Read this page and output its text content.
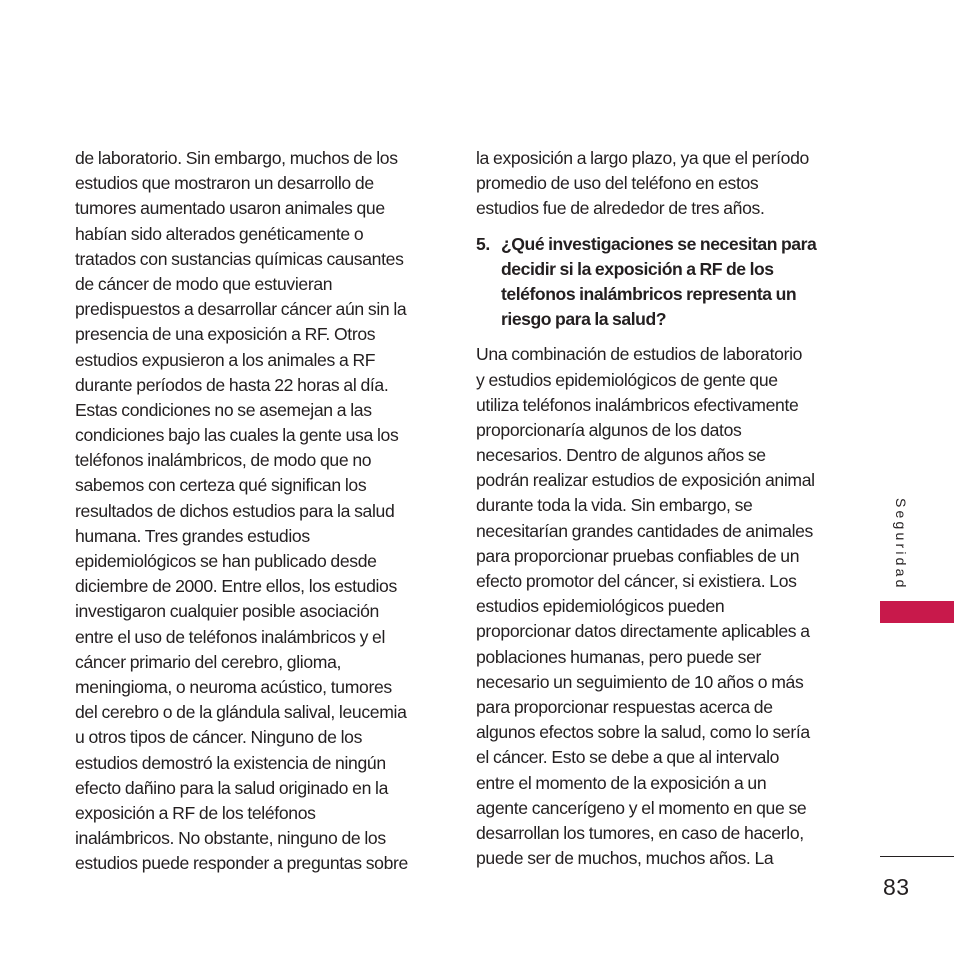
de laboratorio. Sin embargo, muchos de los
estudios que mostraron un desarrollo de
tumores aumentado usaron animales que
habían sido alterados genéticamente o
tratados con sustancias químicas causantes
de cáncer de modo que estuvieran
predispuestos a desarrollar cáncer aún sin la
presencia de una exposición a RF. Otros
estudios expusieron a los animales a RF
durante períodos de hasta 22 horas al día.
Estas condiciones no se asemejan a las
condiciones bajo las cuales la gente usa los
teléfonos inalámbricos, de modo que no
sabemos con certeza qué significan los
resultados de dichos estudios para la salud
humana. Tres grandes estudios
epidemiológicos se han publicado desde
diciembre de 2000. Entre ellos, los estudios
investigaron cualquier posible asociación
entre el uso de teléfonos inalámbricos y el
cáncer primario del cerebro, glioma,
meningioma, o neuroma acústico, tumores
del cerebro o de la glándula salival, leucemia
u otros tipos de cáncer. Ninguno de los
estudios demostró la existencia de ningún
efecto dañino para la salud originado en la
exposición a RF de los teléfonos
inalámbricos. No obstante, ninguno de los
estudios puede responder a preguntas sobre
la exposición a largo plazo, ya que el período
promedio de uso del teléfono en estos
estudios fue de alrededor de tres años.
5. ¿Qué investigaciones se necesitan para
decidir si la exposición a RF de los
teléfonos inalámbricos representa un
riesgo para la salud?
Una combinación de estudios de laboratorio
y estudios epidemiológicos de gente que
utiliza teléfonos inalámbricos efectivamente
proporcionaría algunos de los datos
necesarios. Dentro de algunos años se
podrán realizar estudios de exposición animal
durante toda la vida. Sin embargo, se
necesitarían grandes cantidades de animales
para proporcionar pruebas confiables de un
efecto promotor del cáncer, si existiera. Los
estudios epidemiológicos pueden
proporcionar datos directamente aplicables a
poblaciones humanas, pero puede ser
necesario un seguimiento de 10 años o más
para proporcionar respuestas acerca de
algunos efectos sobre la salud, como lo sería
el cáncer. Esto se debe a que al intervalo
entre el momento de la exposición a un
agente cancerígeno y el momento en que se
desarrollan los tumores, en caso de hacerlo,
puede ser de muchos, muchos años. La
Seguridad
83
